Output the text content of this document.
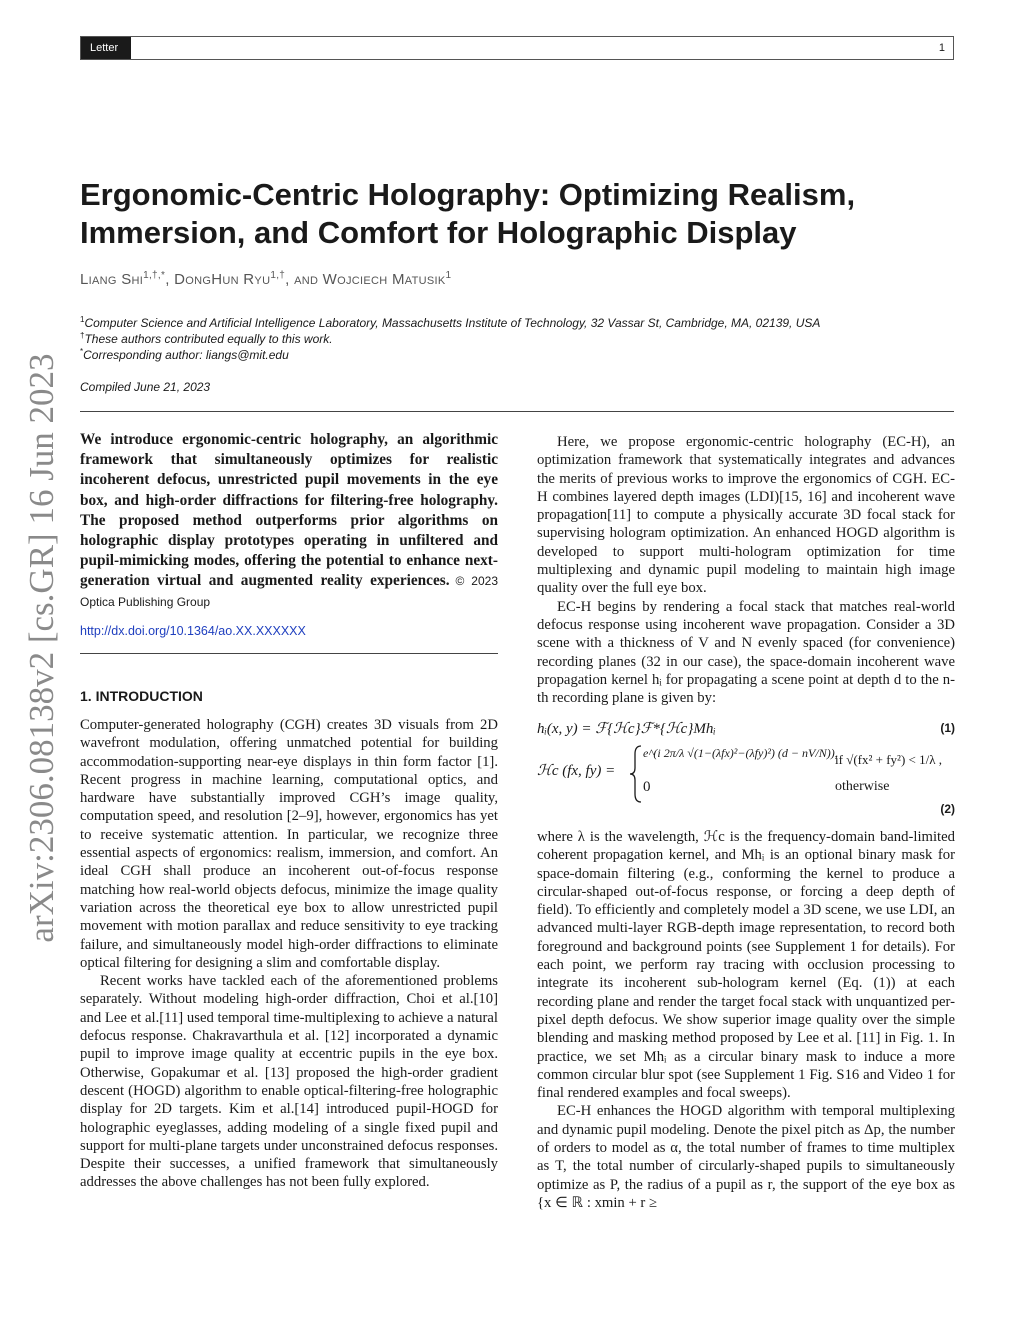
Letter	1
arXiv:2306.08138v2 [cs.GR] 16 Jun 2023
Ergonomic-Centric Holography: Optimizing Realism, Immersion, and Comfort for Holographic Display
Liang Shi$^{1,\dagger,*}$, DongHun Ryu$^{1,\dagger}$, and Wojciech Matusik$^1$
$^1$Computer Science and Artificial Intelligence Laboratory, Massachusetts Institute of Technology, 32 Vassar St, Cambridge, MA, 02139, USA
†These authors contributed equally to this work.
*Corresponding author: liangs@mit.edu
Compiled June 21, 2023
We introduce ergonomic-centric holography, an algorithmic framework that simultaneously optimizes for realistic incoherent defocus, unrestricted pupil movements in the eye box, and high-order diffractions for filtering-free holography. The proposed method outperforms prior algorithms on holographic display prototypes operating in unfiltered and pupil-mimicking modes, offering the potential to enhance next-generation virtual and augmented reality experiences. © 2023 Optica Publishing Group
http://dx.doi.org/10.1364/ao.XX.XXXXXX
1. INTRODUCTION

Computer-generated holography (CGH) creates 3D visuals from 2D wavefront modulation, offering unmatched potential for building accommodation-supporting near-eye displays in thin form factor [1]. Recent progress in machine learning, computational optics, and hardware have substantially improved CGH’s image quality, computation speed, and resolution [2–9], however, ergonomics has yet to receive systematic attention. In particular, we recognize three essential aspects of ergonomics: realism, immersion, and comfort. An ideal CGH shall produce an incoherent out-of-focus response matching how real-world objects defocus, minimize the image quality variation across the theoretical eye box to allow unrestricted pupil movement with motion parallax and reduce sensitivity to eye tracking failure, and simultaneously model high-order diffractions to eliminate optical filtering for designing a slim and comfortable display.

Recent works have tackled each of the aforementioned problems separately. Without modeling high-order diffraction, Choi et al.[10] and Lee et al.[11] used temporal time-multiplexing to achieve a natural defocus response. Chakravarthula et al. [12] incorporated a dynamic pupil to improve image quality at eccentric pupils in the eye box. Otherwise, Gopakumar et al. [13] proposed the high-order gradient descent (HOGD) algorithm to enable optical-filtering-free holographic display for 2D targets. Kim et al.[14] introduced pupil-HOGD for holographic eyeglasses, adding modeling of a single fixed pupil and support for multi-plane targets under unconstrained defocus responses. Despite their successes, a unified framework that simultaneously addresses the above challenges has not been fully explored.

Here, we propose ergonomic-centric holography (EC-H), an optimization framework that systematically integrates and advances the merits of previous works to improve the ergonomics of CGH. EC-H combines layered depth images (LDI)[15, 16] and incoherent wave propagation[11] to compute a physically accurate 3D focal stack for supervising hologram optimization. An enhanced HOGD algorithm is developed to support multi-hologram optimization for time multiplexing and dynamic pupil modeling to maintain high image quality over the full eye box.

EC-H begins by rendering a focal stack that matches real-world defocus response using incoherent wave propagation. Consider a 3D scene with a thickness of V and N evenly spaced (for convenience) recording planes (32 in our case), the space-domain incoherent wave propagation kernel hᵢ for propagating a scene point at depth d to the n-th recording plane is given by:

hᵢ(x, y) = ℱ{ℋc}ℱ*{ℋc}Mhᵢ	(1)
ℋc (fx, fy) =
e^(i 2π/λ √(1−(λfx)²−(λfy)²) (d − nV/N)),
if √(fx² + fy²) < 1/λ ,
0	otherwise
(2)

where λ is the wavelength, ℋc is the frequency-domain band-limited coherent propagation kernel, and Mhᵢ is an optional binary mask for space-domain filtering (e.g., conforming the kernel to produce a circular-shaped out-of-focus response, or forcing a deep depth of field). To efficiently and completely model a 3D scene, we use LDI, an advanced multi-layer RGB-depth image representation, to record both foreground and background points (see Supplement 1 for details). For each point, we perform ray tracing with occlusion processing to integrate its incoherent sub-hologram kernel (Eq. (1)) at each recording plane and render the target focal stack with unquantized per-pixel depth defocus. We show superior image quality over the simple blending and masking method proposed by Lee et al. [11] in Fig. 1. In practice, we set Mhᵢ as a circular binary mask to induce a more common circular blur spot (see Supplement 1 Fig. S16 and Video 1 for final rendered examples and focal sweeps).

EC-H enhances the HOGD algorithm with temporal multiplexing and dynamic pupil modeling. Denote the pixel pitch as Δp, the number of orders to model as α, the total number of frames to time multiplex as T, the total number of circularly-shaped pupils to simultaneously optimize as P, the radius of a pupil as r, the support of the eye box as {x ∈ ℝ : xmin + r ≥
